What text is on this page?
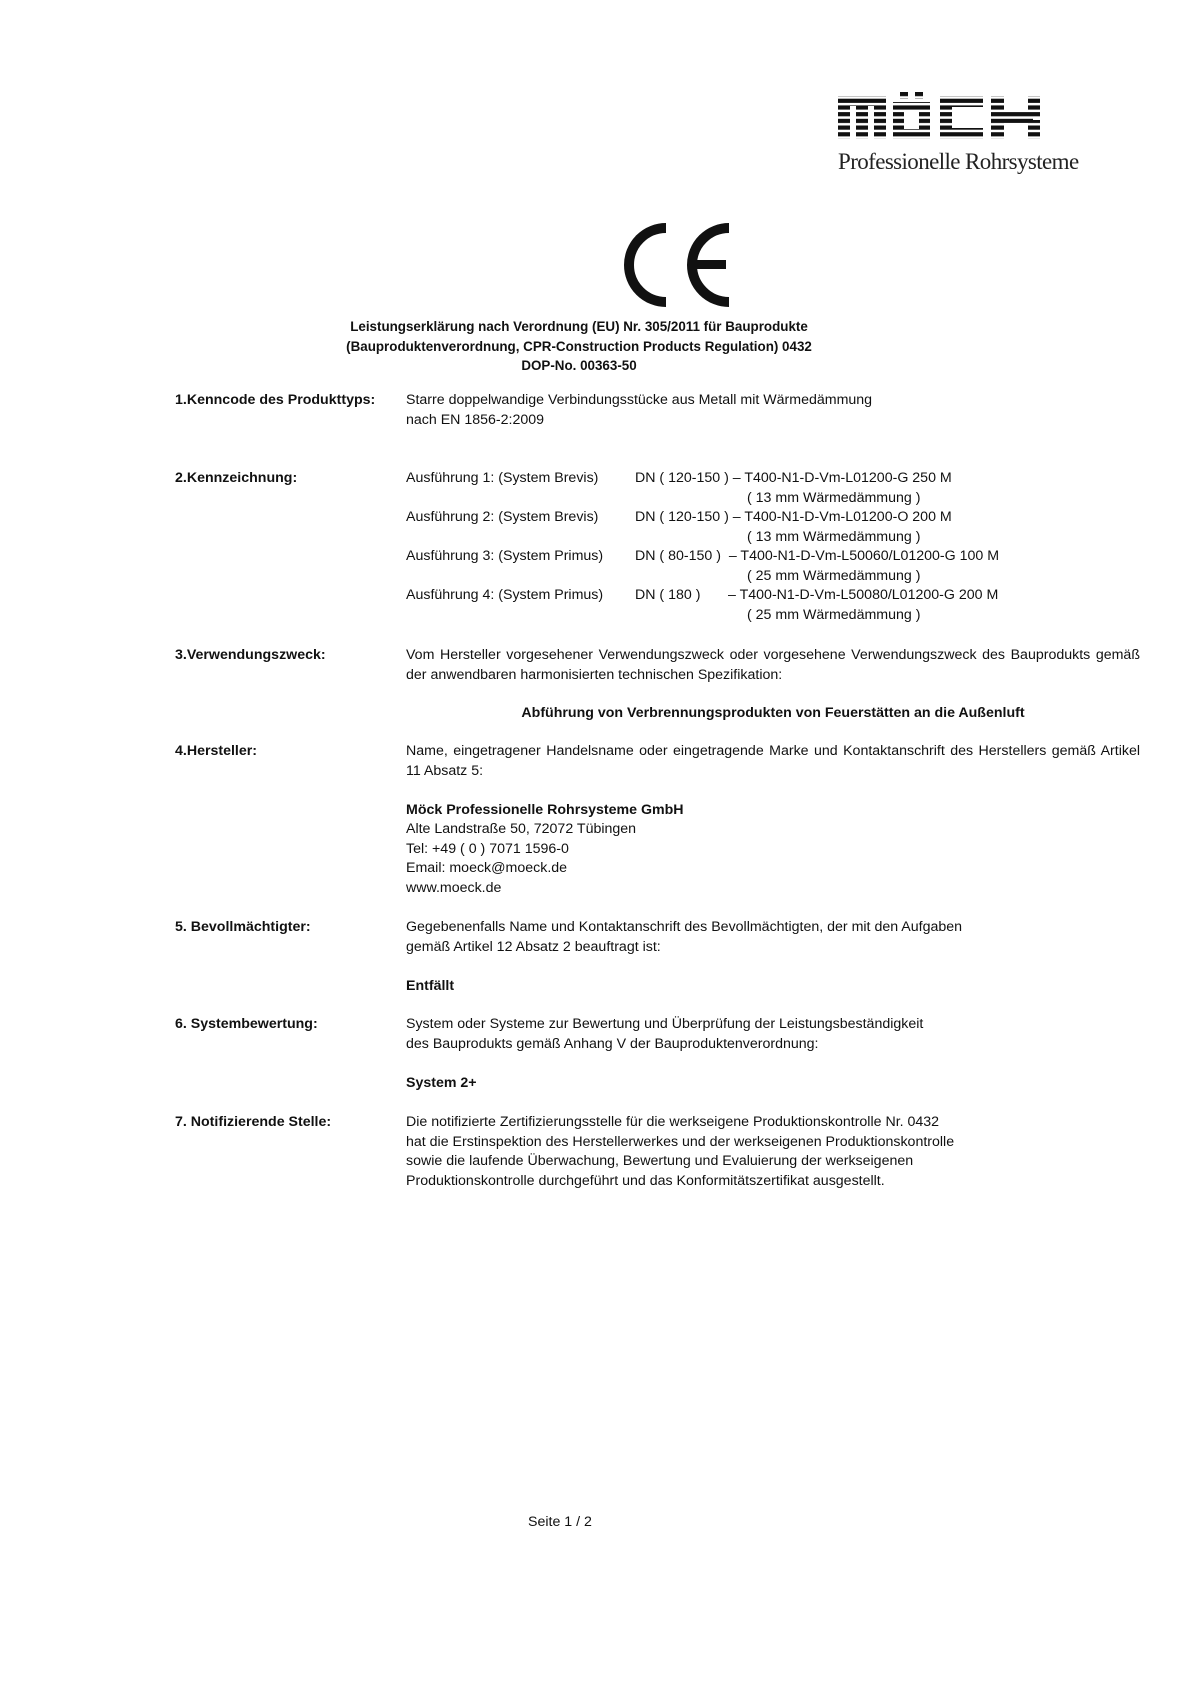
Professionelle Rohrsysteme
Leistungserklärung nach Verordnung (EU) Nr. 305/2011 für Bauprodukte
(Bauproduktenverordnung, CPR-Construction Products Regulation) 0432
DOP-No. 00363-50
1.Kenncode des Produkttyps:	Starre doppelwandige Verbindungsstücke aus Metall mit Wärmedämmung
nach EN 1856-2:2009
2.Kennzeichnung:	Ausführung 1: (System Brevis)	DN ( 120-150 ) – T400-N1-D-Vm-L01200-G 250 M
( 13 mm Wärmedämmung )
Ausführung 2: (System Brevis)	DN ( 120-150 ) – T400-N1-D-Vm-L01200-O 200 M
( 13 mm Wärmedämmung )
Ausführung 3: (System Primus)	DN ( 80-150 )  – T400-N1-D-Vm-L50060/L01200-G 100 M
( 25 mm Wärmedämmung )
Ausführung 4: (System Primus)	DN ( 180 )       – T400-N1-D-Vm-L50080/L01200-G 200 M
( 25 mm Wärmedämmung )
3.Verwendungszweck:	Vom Hersteller vorgesehener Verwendungszweck oder vorgesehene Verwendungszweck des Bauprodukts gemäß der anwendbaren harmonisierten technischen Spezifikation:
Abführung von Verbrennungsprodukten von Feuerstätten an die Außenluft
4.Hersteller:	Name, eingetragener Handelsname oder eingetragende Marke und Kontaktanschrift des Herstellers gemäß Artikel 11 Absatz 5:
Möck Professionelle Rohrsysteme GmbH
Alte Landstraße 50, 72072 Tübingen
Tel: +49 ( 0 ) 7071 1596-0
Email: moeck@moeck.de
www.moeck.de
5. Bevollmächtigter:	Gegebenenfalls Name und Kontaktanschrift des Bevollmächtigten, der mit den Aufgaben
gemäß Artikel 12 Absatz 2 beauftragt ist:
Entfällt
6. Systembewertung:	System oder Systeme zur Bewertung und Überprüfung der Leistungsbeständigkeit
des Bauprodukts gemäß Anhang V der Bauproduktenverordnung:
System 2+
7. Notifizierende Stelle:	Die notifizierte Zertifizierungsstelle für die werkseigene Produktionskontrolle Nr. 0432
hat die Erstinspektion des Herstellerwerkes und der werkseigenen Produktionskontrolle
sowie die laufende Überwachung, Bewertung und Evaluierung der werkseigenen
Produktionskontrolle durchgeführt und das Konformitätszertifikat ausgestellt.
Seite 1 / 2
